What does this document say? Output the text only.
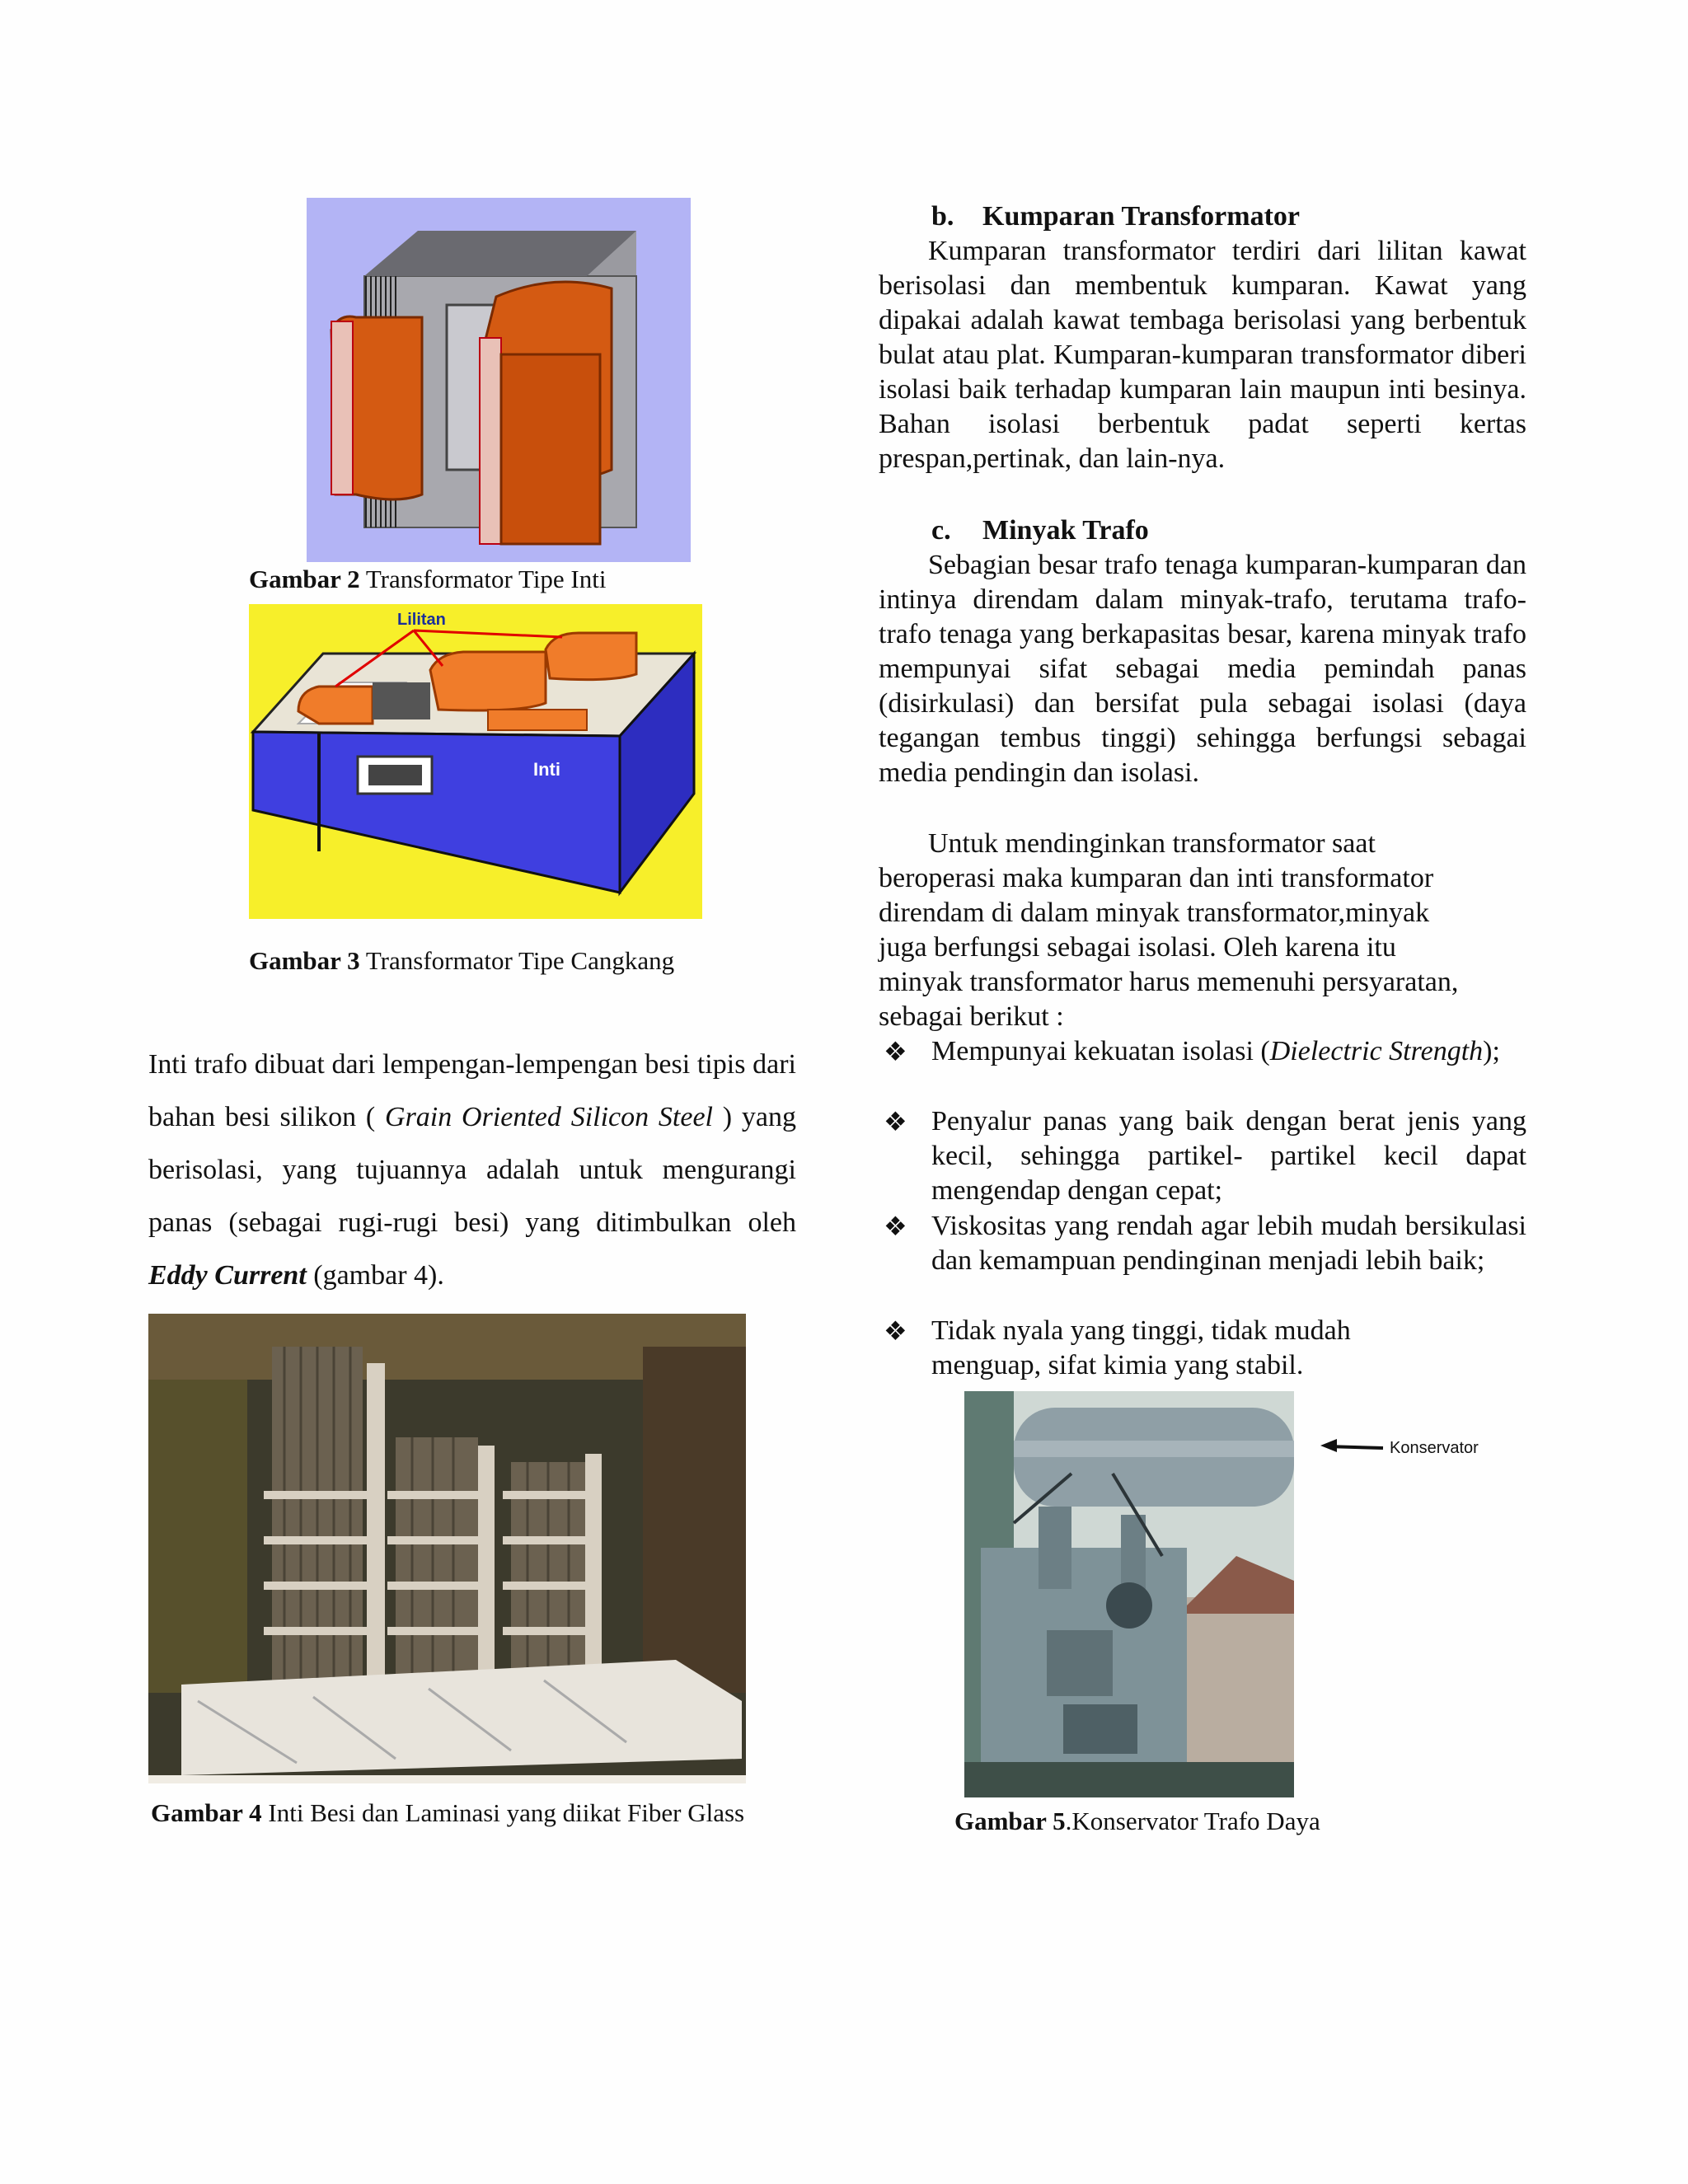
Gambar 2 Transformator Tipe Inti
Lilitan
Inti
Gambar 3 Transformator Tipe Cangkang

Inti trafo dibuat dari lempengan-lempengan besi tipis dari bahan besi silikon ( Grain Oriented Silicon Steel ) yang berisolasi, yang tujuannya adalah untuk mengurangi panas (sebagai rugi-rugi besi) yang ditimbulkan oleh Eddy Current (gambar 4).

Gambar 4 Inti Besi dan Laminasi yang diikat Fiber Glass
b. Kumparan Transformator

Kumparan transformator terdiri dari lilitan kawat berisolasi dan membentuk kumparan. Kawat yang dipakai adalah kawat tembaga berisolasi yang berbentuk bulat atau plat. Kumparan-kumparan transformator diberi isolasi baik terhadap kumparan lain maupun inti besinya. Bahan isolasi berbentuk padat seperti kertas prespan,pertinak, dan lain-nya.

c. Minyak Trafo

Sebagian besar trafo tenaga kumparan-kumparan dan intinya direndam dalam minyak-trafo, terutama trafo-trafo tenaga yang berkapasitas besar, karena minyak trafo mempunyai sifat sebagai media pemindah panas (disirkulasi) dan bersifat pula sebagai isolasi (daya tegangan tembus tinggi) sehingga berfungsi sebagai media pendingin dan isolasi.

Untuk mendinginkan transformator saat
beroperasi maka kumparan dan inti transformator
direndam di dalam minyak transformator,minyak
juga berfungsi sebagai isolasi. Oleh karena itu
minyak transformator harus memenuhi persyaratan,
sebagai berikut :
❖ Mempunyai kekuatan isolasi (Dielectric Strength);
❖ Penyalur panas yang baik dengan berat jenis yang kecil, sehingga partikel- partikel kecil dapat mengendap dengan cepat;
❖ Viskositas yang rendah agar lebih mudah bersikulasi dan kemampuan pendinginan menjadi lebih baik;
❖ Tidak nyala yang tinggi, tidak mudah
menguap, sifat kimia yang stabil.
Konservator
Gambar 5.Konservator Trafo Daya
